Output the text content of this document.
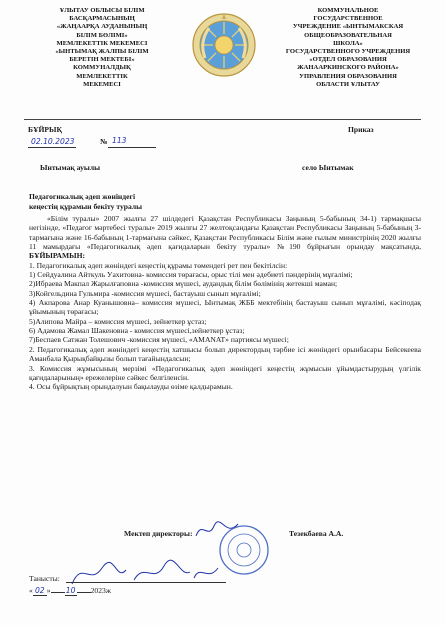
ҰЛЫТАУ ОБЛЫСЫ БІЛІМ
БАСҚАРМАСЫНЫҢ
«ЖАҢААРҚА АУДАНЫНЫҢ
БІЛІМ БӨЛІМІ»
МЕМЛЕКЕТТІК МЕКЕМЕСІ
«ЫНТЫМАҚ ЖАЛПЫ БІЛІМ
БЕРЕТІН МЕКТЕБІ»
КОММУНАЛДЫҚ
МЕМЛЕКЕТТІК
МЕКЕМЕСІ
КОММУНАЛЬНОЕ
ГОСУДАРСТВЕННОЕ
УЧРЕЖДЕНИЕ «ЫНТЫМАКСКАЯ
ОБЩЕОБРАЗОВАТЕЛЬНАЯ
ШКОЛА»
ГОСУДАРСТВЕННОГО УЧРЕЖДЕНИЯ
«ОТДЕЛ ОБРАЗОВАНИЯ
ЖАНААРКИНСКОГО РАЙОНА»
УПРАВЛЕНИЯ ОБРАЗОВАНИЯ
ОБЛАСТИ ҰЛЫТАУ
БҰЙРЫҚ	Приказ
02.10.2023	№ 113
Ынтымақ ауылы	село Ынтымак
Педагогикалық әдеп жөніндегі
кеңестің құрамын бекіту туралы

«Білім туралы» 2007 жылғы 27 шілдедегі Қазақстан Республикасы Заңының 5-бабының 34-1) тармақшасы негізінде, «Педагог мәртебесі туралы» 2019 жылғы 27 желтоқсандағы Қазақстан Республикасы Заңының 5-бабының 3-тармағына және 16-бабының 1-тармағына сәйкес, Қазақстан Республикасы Білім және ғылым министрінің 2020 жылғы 11 мамырдағы «Педагогикалық әдеп қағидаларын бекіту туралы» №190 бұйрығын орындау мақсатында, БҰЙЫРАМЫН:

1. Педагогикалық әдеп жөніндегі кеңестің құрамы төмендегі рет пен бекітілсін:

1) Сейдуалина Айткуль Уахитовна- комиссия төрағасы, орыс тілі мен әдебиеті пәндерінің мұғалімі;

2)Ибраева Макпал Жарылғаповна -комиссия мүшесі, аудандық білім бөлімінің жетекші маман;

3)Койгельдина Гульмира -комиссия мүшесі, бастауыш сынып мұғалімі;

4) Акпарова Анар Куанышовна– комиссия мүшесі, Ынтымақ ЖББ мектебінің бастауыш сынып мұғалімі, кәсіподақ ұйымының төрағасы;

5)Алипова Майра – комиссия мүшесі, зейнеткер ұстаз;

6) Адамова Жамал Шакеновна - комиссия мүшесі,зейнеткер ұстаз;

7)Беспаев Сатжан Толешович -комиссия мүшесі, «AMANAT» партиясы мүшесі;

2. Педагогикалық әдеп жөніндегі кеңестің хатшысы болып директордың тәрбие ісі жөніндегі орынбасары Бейсекеева Аманбала Қырықбайқызы болып тағайындалсын;

3. Комиссия жұмысының мерзімі «Педагогикалық әдеп жөніндегі кеңестің жұмысын ұйымдастырудың үлгілік қағидаларының» ережелеріне сәйкес белгіленсін.

4. Осы бұйрықтың орындалуын бақылауды өзіме қалдырамын.

Мектеп директоры:	Тезекбаева А.А.
Танысты:
« 02 » 10 2023ж
